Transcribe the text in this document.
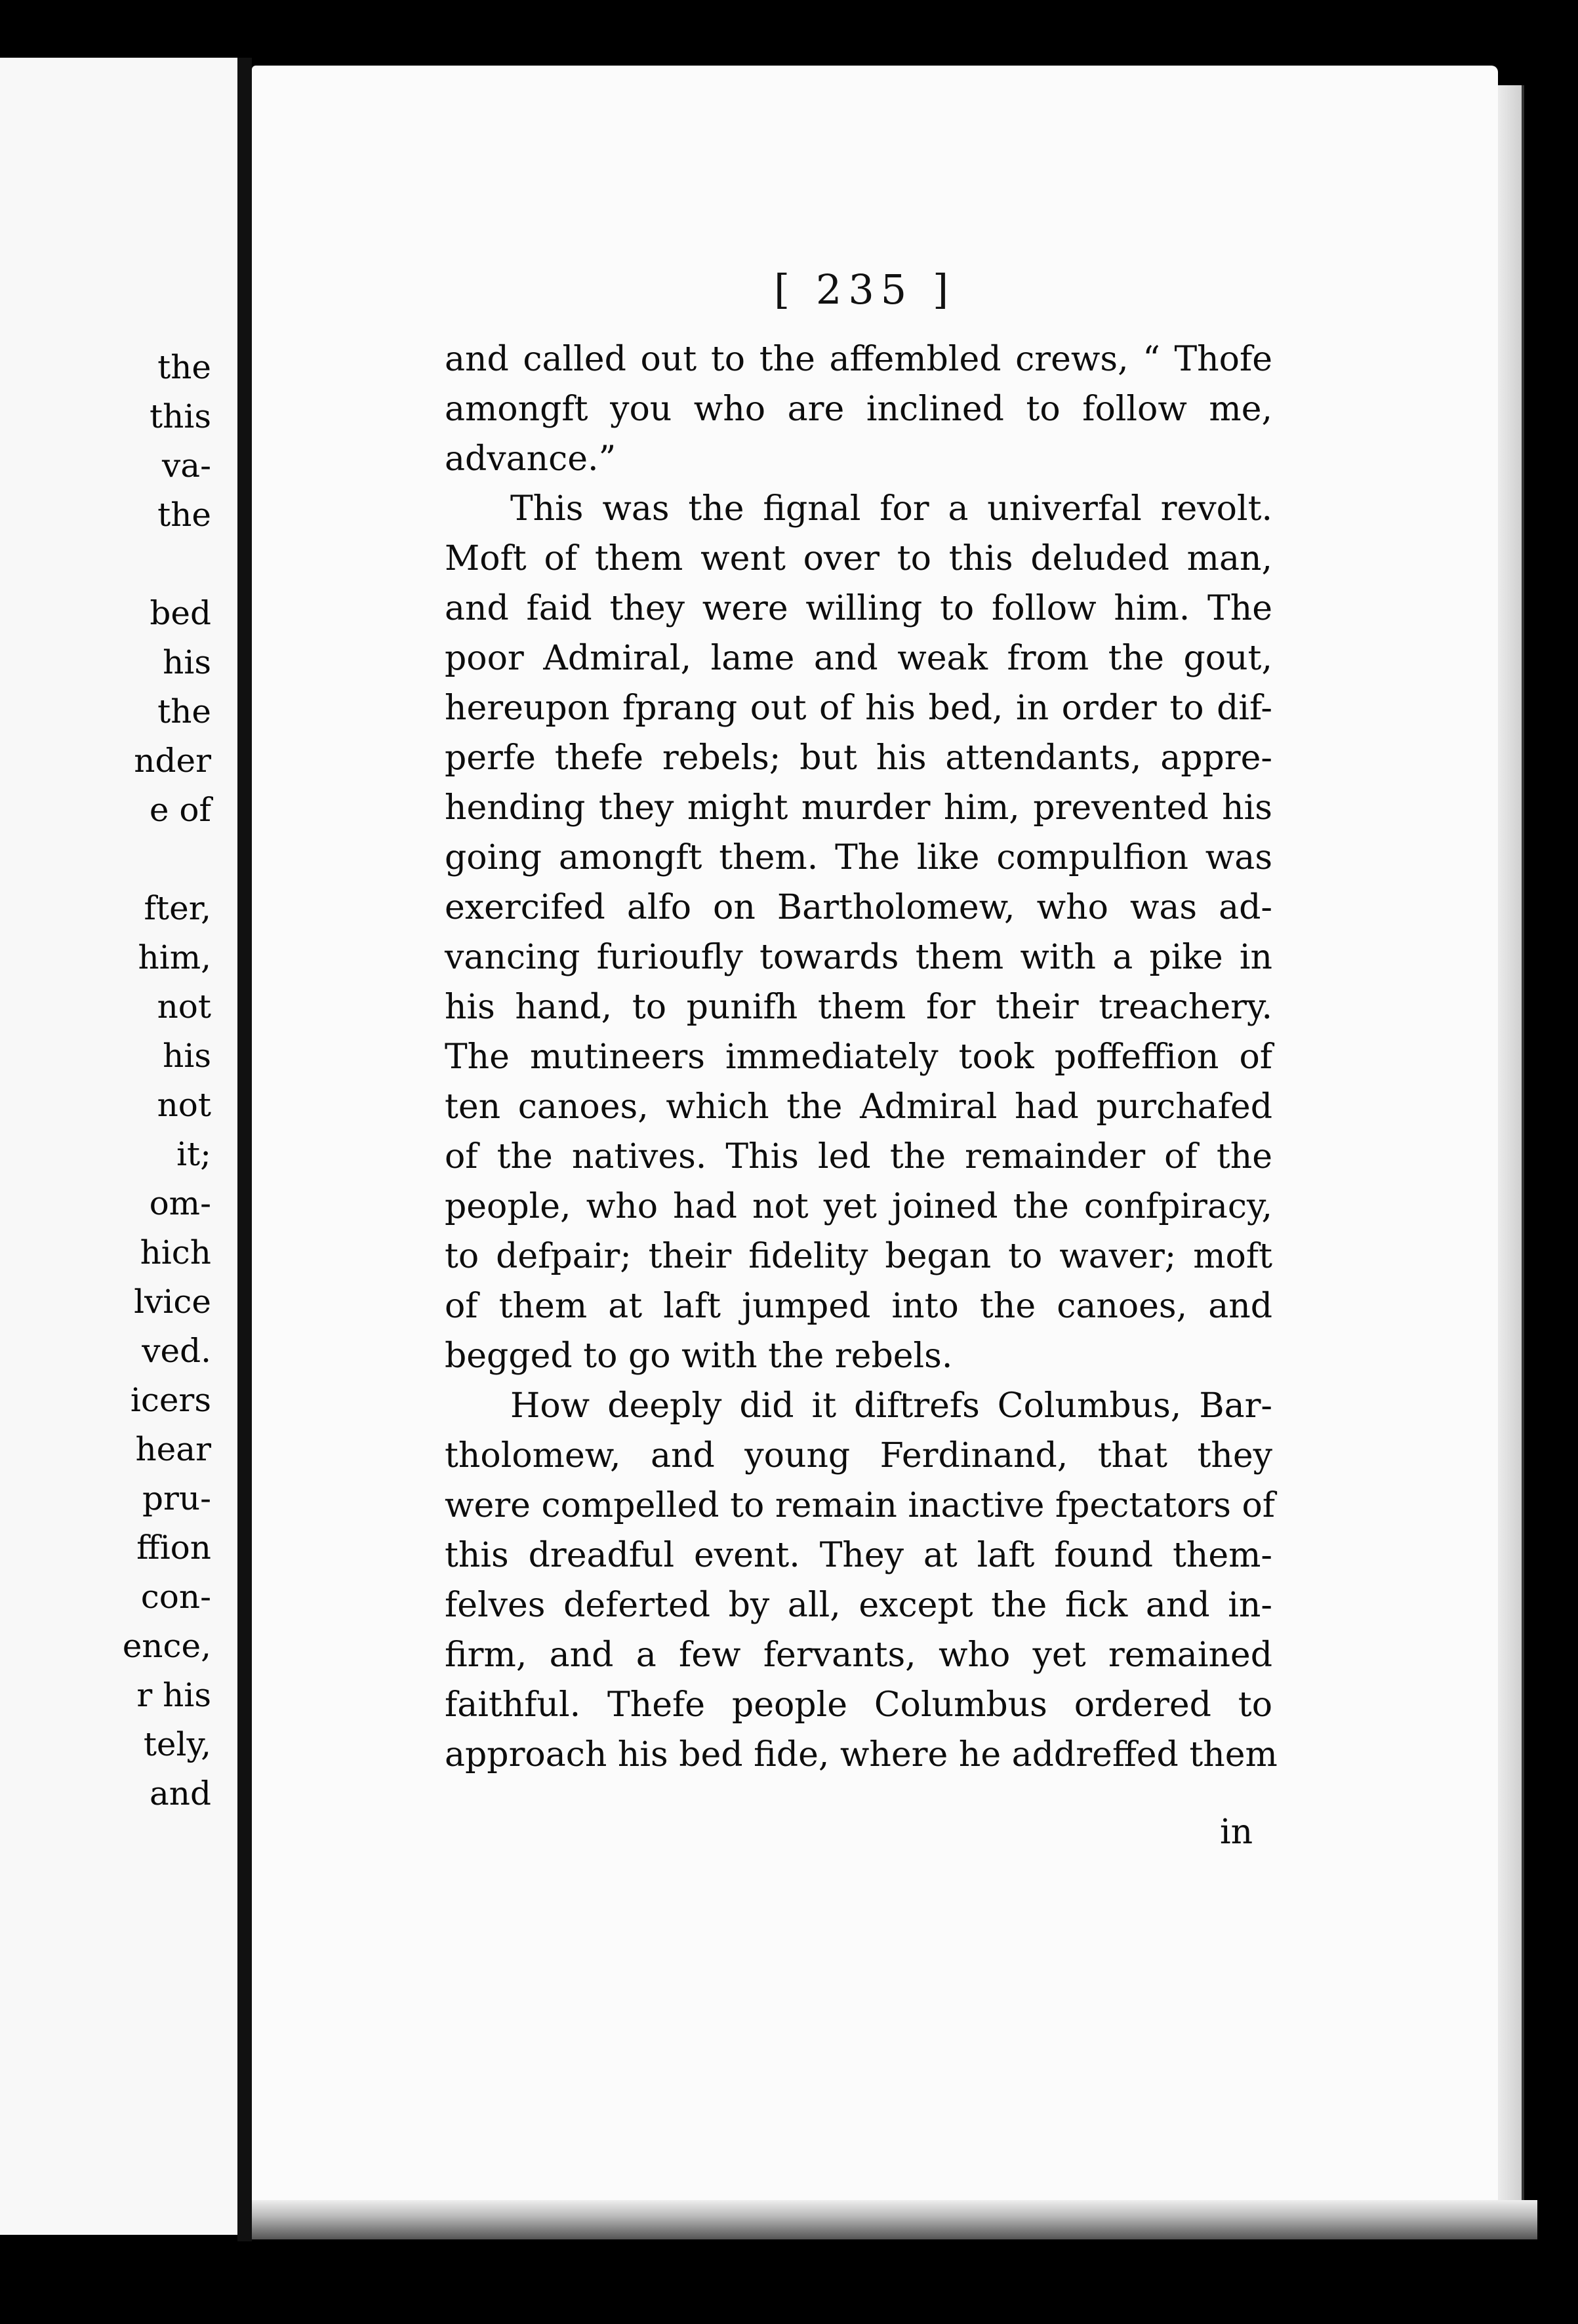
the
this
va-
the
bed
his
the
nder
e of
fter,
him,
not
his
not
it;
om-
hich
lvice
ved.
icers
hear
pru-
ffion
con-
ence,
r his
tely,
and
[ 235 ]
and called out to the affembled crews, “ Thofe
amongft you who are inclined to follow me,
advance.”
This was the fignal for a univerfal revolt.
Moft of them went over to this deluded man,
and faid they were willing to follow him. The
poor Admiral, lame and weak from the gout,
hereupon fprang out of his bed, in order to dif-
perfe thefe rebels; but his attendants, appre-
hending they might murder him, prevented his
going amongft them. The like compulfion was
exercifed alfo on Bartholomew, who was ad-
vancing furioufly towards them with a pike in
his hand, to punifh them for their treachery.
The mutineers immediately took poffeffion of
ten canoes, which the Admiral had purchafed
of the natives. This led the remainder of the
people, who had not yet joined the confpiracy,
to defpair; their fidelity began to waver; moft
of them at laft jumped into the canoes, and
begged to go with the rebels.
How deeply did it diftrefs Columbus, Bar-
tholomew, and young Ferdinand, that they
were compelled to remain inactive fpectators of
this dreadful event. They at laft found them-
felves deferted by all, except the fick and in-
firm, and a few fervants, who yet remained
faithful. Thefe people Columbus ordered to
approach his bed fide, where he addreffed them
in
